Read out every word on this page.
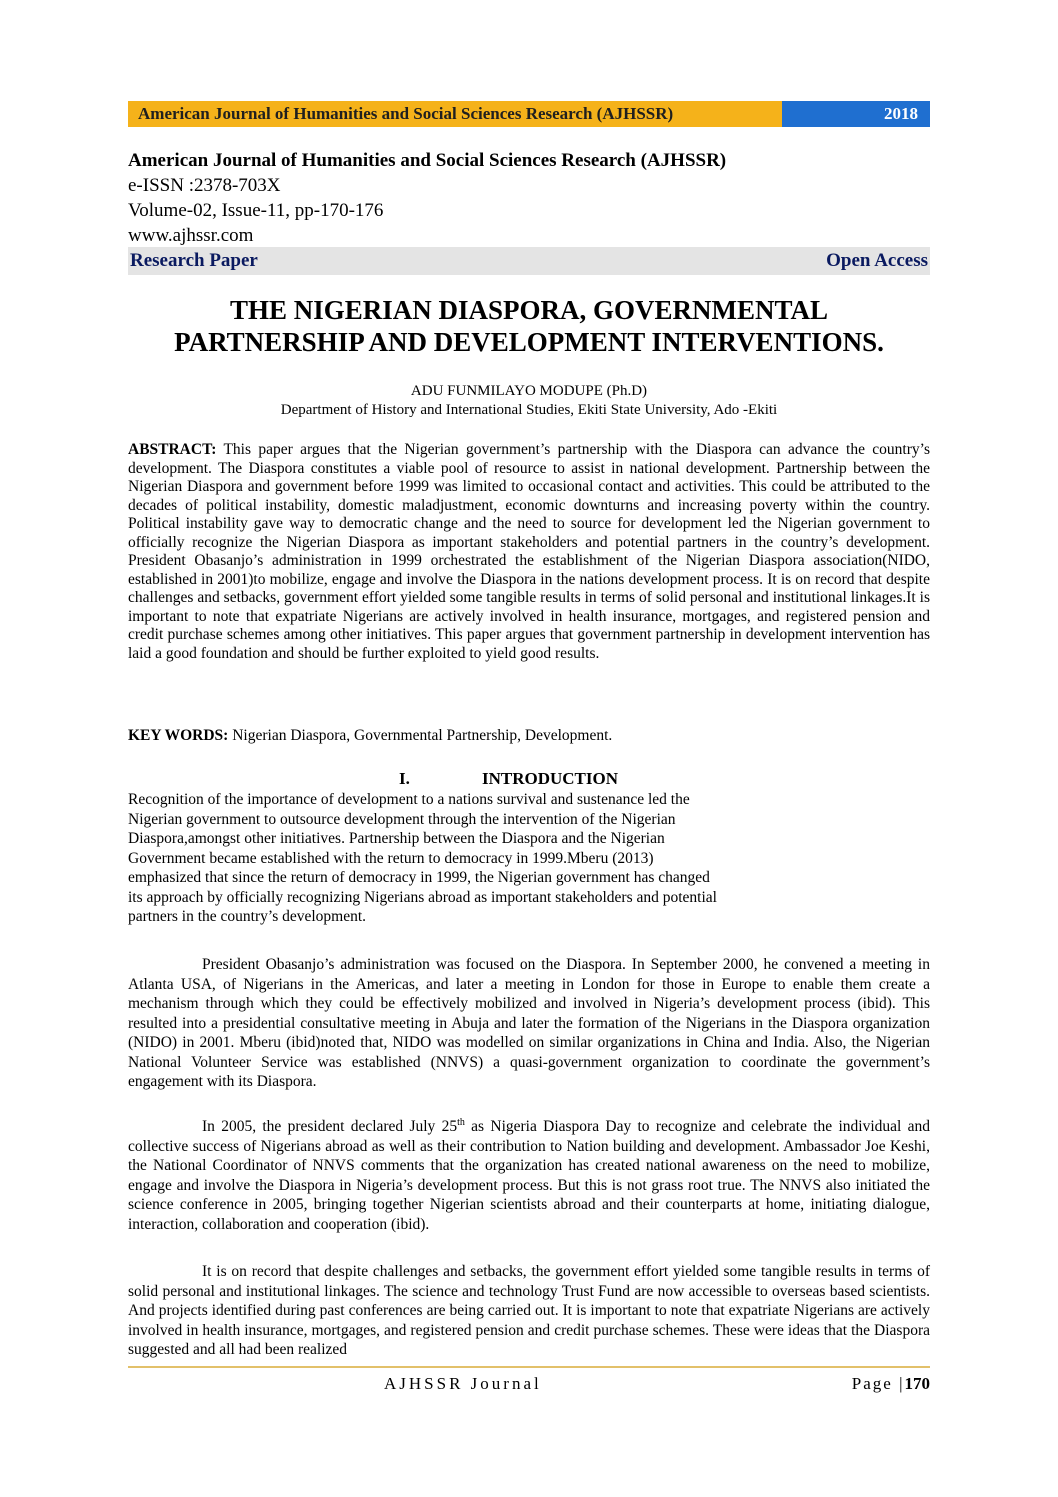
American Journal of Humanities and Social Sciences Research (AJHSSR)	2018
American Journal of Humanities and Social Sciences Research (AJHSSR)
e-ISSN :2378-703X
Volume-02, Issue-11, pp-170-176
www.ajhssr.com
Research Paper	Open Access
THE NIGERIAN DIASPORA, GOVERNMENTAL
PARTNERSHIP AND DEVELOPMENT INTERVENTIONS.
ADU FUNMILAYO MODUPE (Ph.D)
Department of History and International Studies, Ekiti State University, Ado -Ekiti
ABSTRACT: This paper argues that the Nigerian government’s partnership with the Diaspora can advance the country’s development. The Diaspora constitutes a viable pool of resource to assist in national development. Partnership between the Nigerian Diaspora and government before 1999 was limited to occasional contact and activities. This could be attributed to the decades of political instability, domestic maladjustment, economic downturns and increasing poverty within the country. Political instability gave way to democratic change and the need to source for development led the Nigerian government to officially recognize the Nigerian Diaspora as important stakeholders and potential partners in the country’s development. President Obasanjo’s administration in 1999 orchestrated the establishment of the Nigerian Diaspora association(NIDO, established in 2001)to mobilize, engage and involve the Diaspora in the nations development process. It is on record that despite challenges and setbacks, government effort yielded some tangible results in terms of solid personal and institutional linkages.It is important to note that expatriate Nigerians are actively involved in health insurance, mortgages, and registered pension and credit purchase schemes among other initiatives. This paper argues that government partnership in development intervention has laid a good foundation and should be further exploited to yield good results.
KEY WORDS: Nigerian Diaspora, Governmental Partnership, Development.
I.	INTRODUCTION
Recognition of the importance of development to a nations survival and sustenance led the
Nigerian government to outsource development through the intervention of the Nigerian
Diaspora,amongst other initiatives. Partnership between the Diaspora and the Nigerian
Government became established with the return to democracy in 1999.Mberu (2013)
emphasized that since the return of democracy in 1999, the Nigerian government has changed
its approach by officially recognizing Nigerians abroad as important stakeholders and potential
partners in the country’s development.
President Obasanjo’s administration was focused on the Diaspora. In September 2000, he convened a meeting in Atlanta USA, of Nigerians in the Americas, and later a meeting in London for those in Europe to enable them create a mechanism through which they could be effectively mobilized and involved in Nigeria’s development process (ibid). This resulted into a presidential consultative meeting in Abuja and later the formation of the Nigerians in the Diaspora organization (NIDO) in 2001. Mberu (ibid)noted that, NIDO was modelled on similar organizations in China and India. Also, the Nigerian National Volunteer Service was established (NNVS) a quasi-government organization to coordinate the government’s engagement with its Diaspora.
In 2005, the president declared July 25th as Nigeria Diaspora Day to recognize and celebrate the individual and collective success of Nigerians abroad as well as their contribution to Nation building and development. Ambassador Joe Keshi, the National Coordinator of NNVS comments that the organization has created national awareness on the need to mobilize, engage and involve the Diaspora in Nigeria’s development process. But this is not grass root true. The NNVS also initiated the science conference in 2005, bringing together Nigerian scientists abroad and their counterparts at home, initiating dialogue, interaction, collaboration and cooperation (ibid).
It is on record that despite challenges and setbacks, the government effort yielded some tangible results in terms of solid personal and institutional linkages. The science and technology Trust Fund are now accessible to overseas based scientists. And projects identified during past conferences are being carried out. It is important to note that expatriate Nigerians are actively involved in health insurance, mortgages, and registered pension and credit purchase schemes. These were ideas that the Diaspora suggested and all had been realized
AJHSSR Journal	Page |170
